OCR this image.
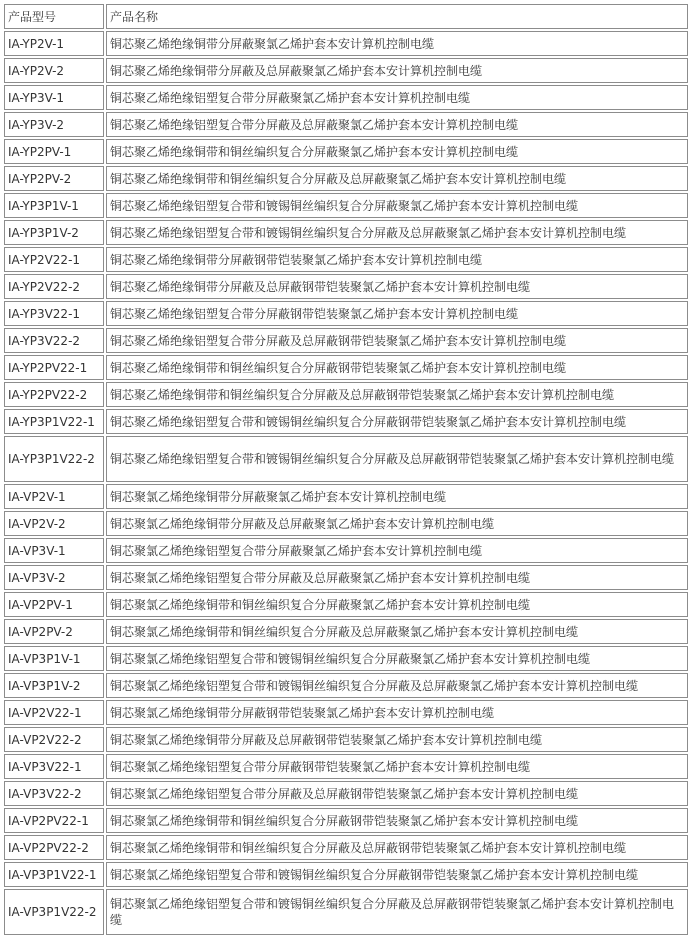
产品型号	产品名称
IA-YP2V-1	铜芯聚乙烯绝缘铜带分屏蔽聚氯乙烯护套本安计算机控制电缆
IA-YP2V-2	铜芯聚乙烯绝缘铜带分屏蔽及总屏蔽聚氯乙烯护套本安计算机控制电缆
IA-YP3V-1	铜芯聚乙烯绝缘铝塑复合带分屏蔽聚氯乙烯护套本安计算机控制电缆
IA-YP3V-2	铜芯聚乙烯绝缘铝塑复合带分屏蔽及总屏蔽聚氯乙烯护套本安计算机控制电缆
IA-YP2PV-1	铜芯聚乙烯绝缘铜带和铜丝编织复合分屏蔽聚氯乙烯护套本安计算机控制电缆
IA-YP2PV-2	铜芯聚乙烯绝缘铜带和铜丝编织复合分屏蔽及总屏蔽聚氯乙烯护套本安计算机控制电缆
IA-YP3P1V-1	铜芯聚乙烯绝缘铝塑复合带和镀锡铜丝编织复合分屏蔽聚氯乙烯护套本安计算机控制电缆
IA-YP3P1V-2	铜芯聚乙烯绝缘铝塑复合带和镀锡铜丝编织复合分屏蔽及总屏蔽聚氯乙烯护套本安计算机控制电缆
IA-YP2V22-1	铜芯聚乙烯绝缘铜带分屏蔽钢带铠装聚氯乙烯护套本安计算机控制电缆
IA-YP2V22-2	铜芯聚乙烯绝缘铜带分屏蔽及总屏蔽钢带铠装聚氯乙烯护套本安计算机控制电缆
IA-YP3V22-1	铜芯聚乙烯绝缘铝塑复合带分屏蔽钢带铠装聚氯乙烯护套本安计算机控制电缆
IA-YP3V22-2	铜芯聚乙烯绝缘铝塑复合带分屏蔽及总屏蔽钢带铠装聚氯乙烯护套本安计算机控制电缆
IA-YP2PV22-1	铜芯聚乙烯绝缘铜带和铜丝编织复合分屏蔽钢带铠装聚氯乙烯护套本安计算机控制电缆
IA-YP2PV22-2	铜芯聚乙烯绝缘铜带和铜丝编织复合分屏蔽及总屏蔽钢带铠装聚氯乙烯护套本安计算机控制电缆
IA-YP3P1V22-1	铜芯聚乙烯绝缘铝塑复合带和镀锡铜丝编织复合分屏蔽钢带铠装聚氯乙烯护套本安计算机控制电缆
IA-YP3P1V22-2	铜芯聚乙烯绝缘铝塑复合带和镀锡铜丝编织复合分屏蔽及总屏蔽钢带铠装聚氯乙烯护套本安计算机控制电缆
IA-VP2V-1	铜芯聚氯乙烯绝缘铜带分屏蔽聚氯乙烯护套本安计算机控制电缆
IA-VP2V-2	铜芯聚氯乙烯绝缘铜带分屏蔽及总屏蔽聚氯乙烯护套本安计算机控制电缆
IA-VP3V-1	铜芯聚氯乙烯绝缘铝塑复合带分屏蔽聚氯乙烯护套本安计算机控制电缆
IA-VP3V-2	铜芯聚氯乙烯绝缘铝塑复合带分屏蔽及总屏蔽聚氯乙烯护套本安计算机控制电缆
IA-VP2PV-1	铜芯聚氯乙烯绝缘铜带和铜丝编织复合分屏蔽聚氯乙烯护套本安计算机控制电缆
IA-VP2PV-2	铜芯聚氯乙烯绝缘铜带和铜丝编织复合分屏蔽及总屏蔽聚氯乙烯护套本安计算机控制电缆
IA-VP3P1V-1	铜芯聚氯乙烯绝缘铝塑复合带和镀锡铜丝编织复合分屏蔽聚氯乙烯护套本安计算机控制电缆
IA-VP3P1V-2	铜芯聚氯乙烯绝缘铝塑复合带和镀锡铜丝编织复合分屏蔽及总屏蔽聚氯乙烯护套本安计算机控制电缆
IA-VP2V22-1	铜芯聚氯乙烯绝缘铜带分屏蔽钢带铠装聚氯乙烯护套本安计算机控制电缆
IA-VP2V22-2	铜芯聚氯乙烯绝缘铜带分屏蔽及总屏蔽钢带铠装聚氯乙烯护套本安计算机控制电缆
IA-VP3V22-1	铜芯聚氯乙烯绝缘铝塑复合带分屏蔽钢带铠装聚氯乙烯护套本安计算机控制电缆
IA-VP3V22-2	铜芯聚氯乙烯绝缘铝塑复合带分屏蔽及总屏蔽钢带铠装聚氯乙烯护套本安计算机控制电缆
IA-VP2PV22-1	铜芯聚氯乙烯绝缘铜带和铜丝编织复合分屏蔽钢带铠装聚氯乙烯护套本安计算机控制电缆
IA-VP2PV22-2	铜芯聚氯乙烯绝缘铜带和铜丝编织复合分屏蔽及总屏蔽钢带铠装聚氯乙烯护套本安计算机控制电缆
IA-VP3P1V22-1	铜芯聚氯乙烯绝缘铝塑复合带和镀锡铜丝编织复合分屏蔽钢带铠装聚氯乙烯护套本安计算机控制电缆
IA-VP3P1V22-2	铜芯聚氯乙烯绝缘铝塑复合带和镀锡铜丝编织复合分屏蔽及总屏蔽钢带铠装聚氯乙烯护套本安计算机控制电缆
